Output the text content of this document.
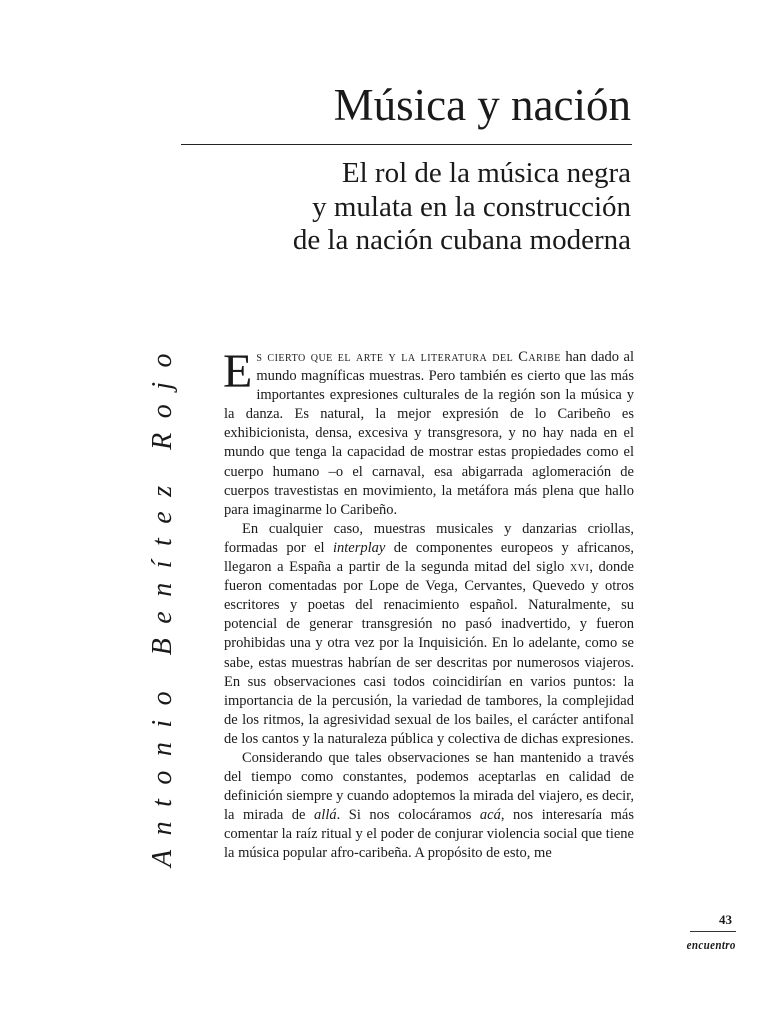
Música y nación
El rol de la música negra
y mulata en la construcción
de la nación cubana moderna
Antonio Benítez Rojo Es cierto que el arte y la literatura del Caribe han dado al mundo magníficas muestras. Pero también es cierto que las más importantes expresiones culturales de la región son la música y la danza. Es natural, la mejor expresión de lo Caribeño es exhibicionista, densa, excesiva y transgresora, y no hay nada en el mundo que tenga la capacidad de mostrar estas propiedades como el cuerpo humano –o el carnaval, esa abigarrada aglomeración de cuerpos travestistas en movimiento, la metáfora más plena que hallo para imaginarme lo Caribeño.

En cualquier caso, muestras musicales y danzarias criollas, formadas por el interplay de componentes europeos y africanos, llegaron a España a partir de la segunda mitad del siglo xvi, donde fueron comentadas por Lope de Vega, Cervantes, Quevedo y otros escritores y poetas del renacimiento español. Naturalmente, su potencial de generar transgresión no pasó inadvertido, y fueron prohibidas una y otra vez por la Inquisición. En lo adelante, como se sabe, estas muestras habrían de ser descritas por numerosos viajeros. En sus observaciones casi todos coincidirían en varios puntos: la importancia de la percusión, la variedad de tambores, la complejidad de los ritmos, la agresividad sexual de los bailes, el carácter antifonal de los cantos y la naturaleza pública y colectiva de dichas expresiones.

Considerando que tales observaciones se han mantenido a través del tiempo como constantes, podemos aceptarlas en calidad de definición siempre y cuando adoptemos la mirada del viajero, es decir, la mirada de allá. Si nos colocáramos acá, nos interesaría más comentar la raíz ritual y el poder de conjurar violencia social que tiene la música popular afro-caribeña. A propósito de esto, me

43
encuentro
